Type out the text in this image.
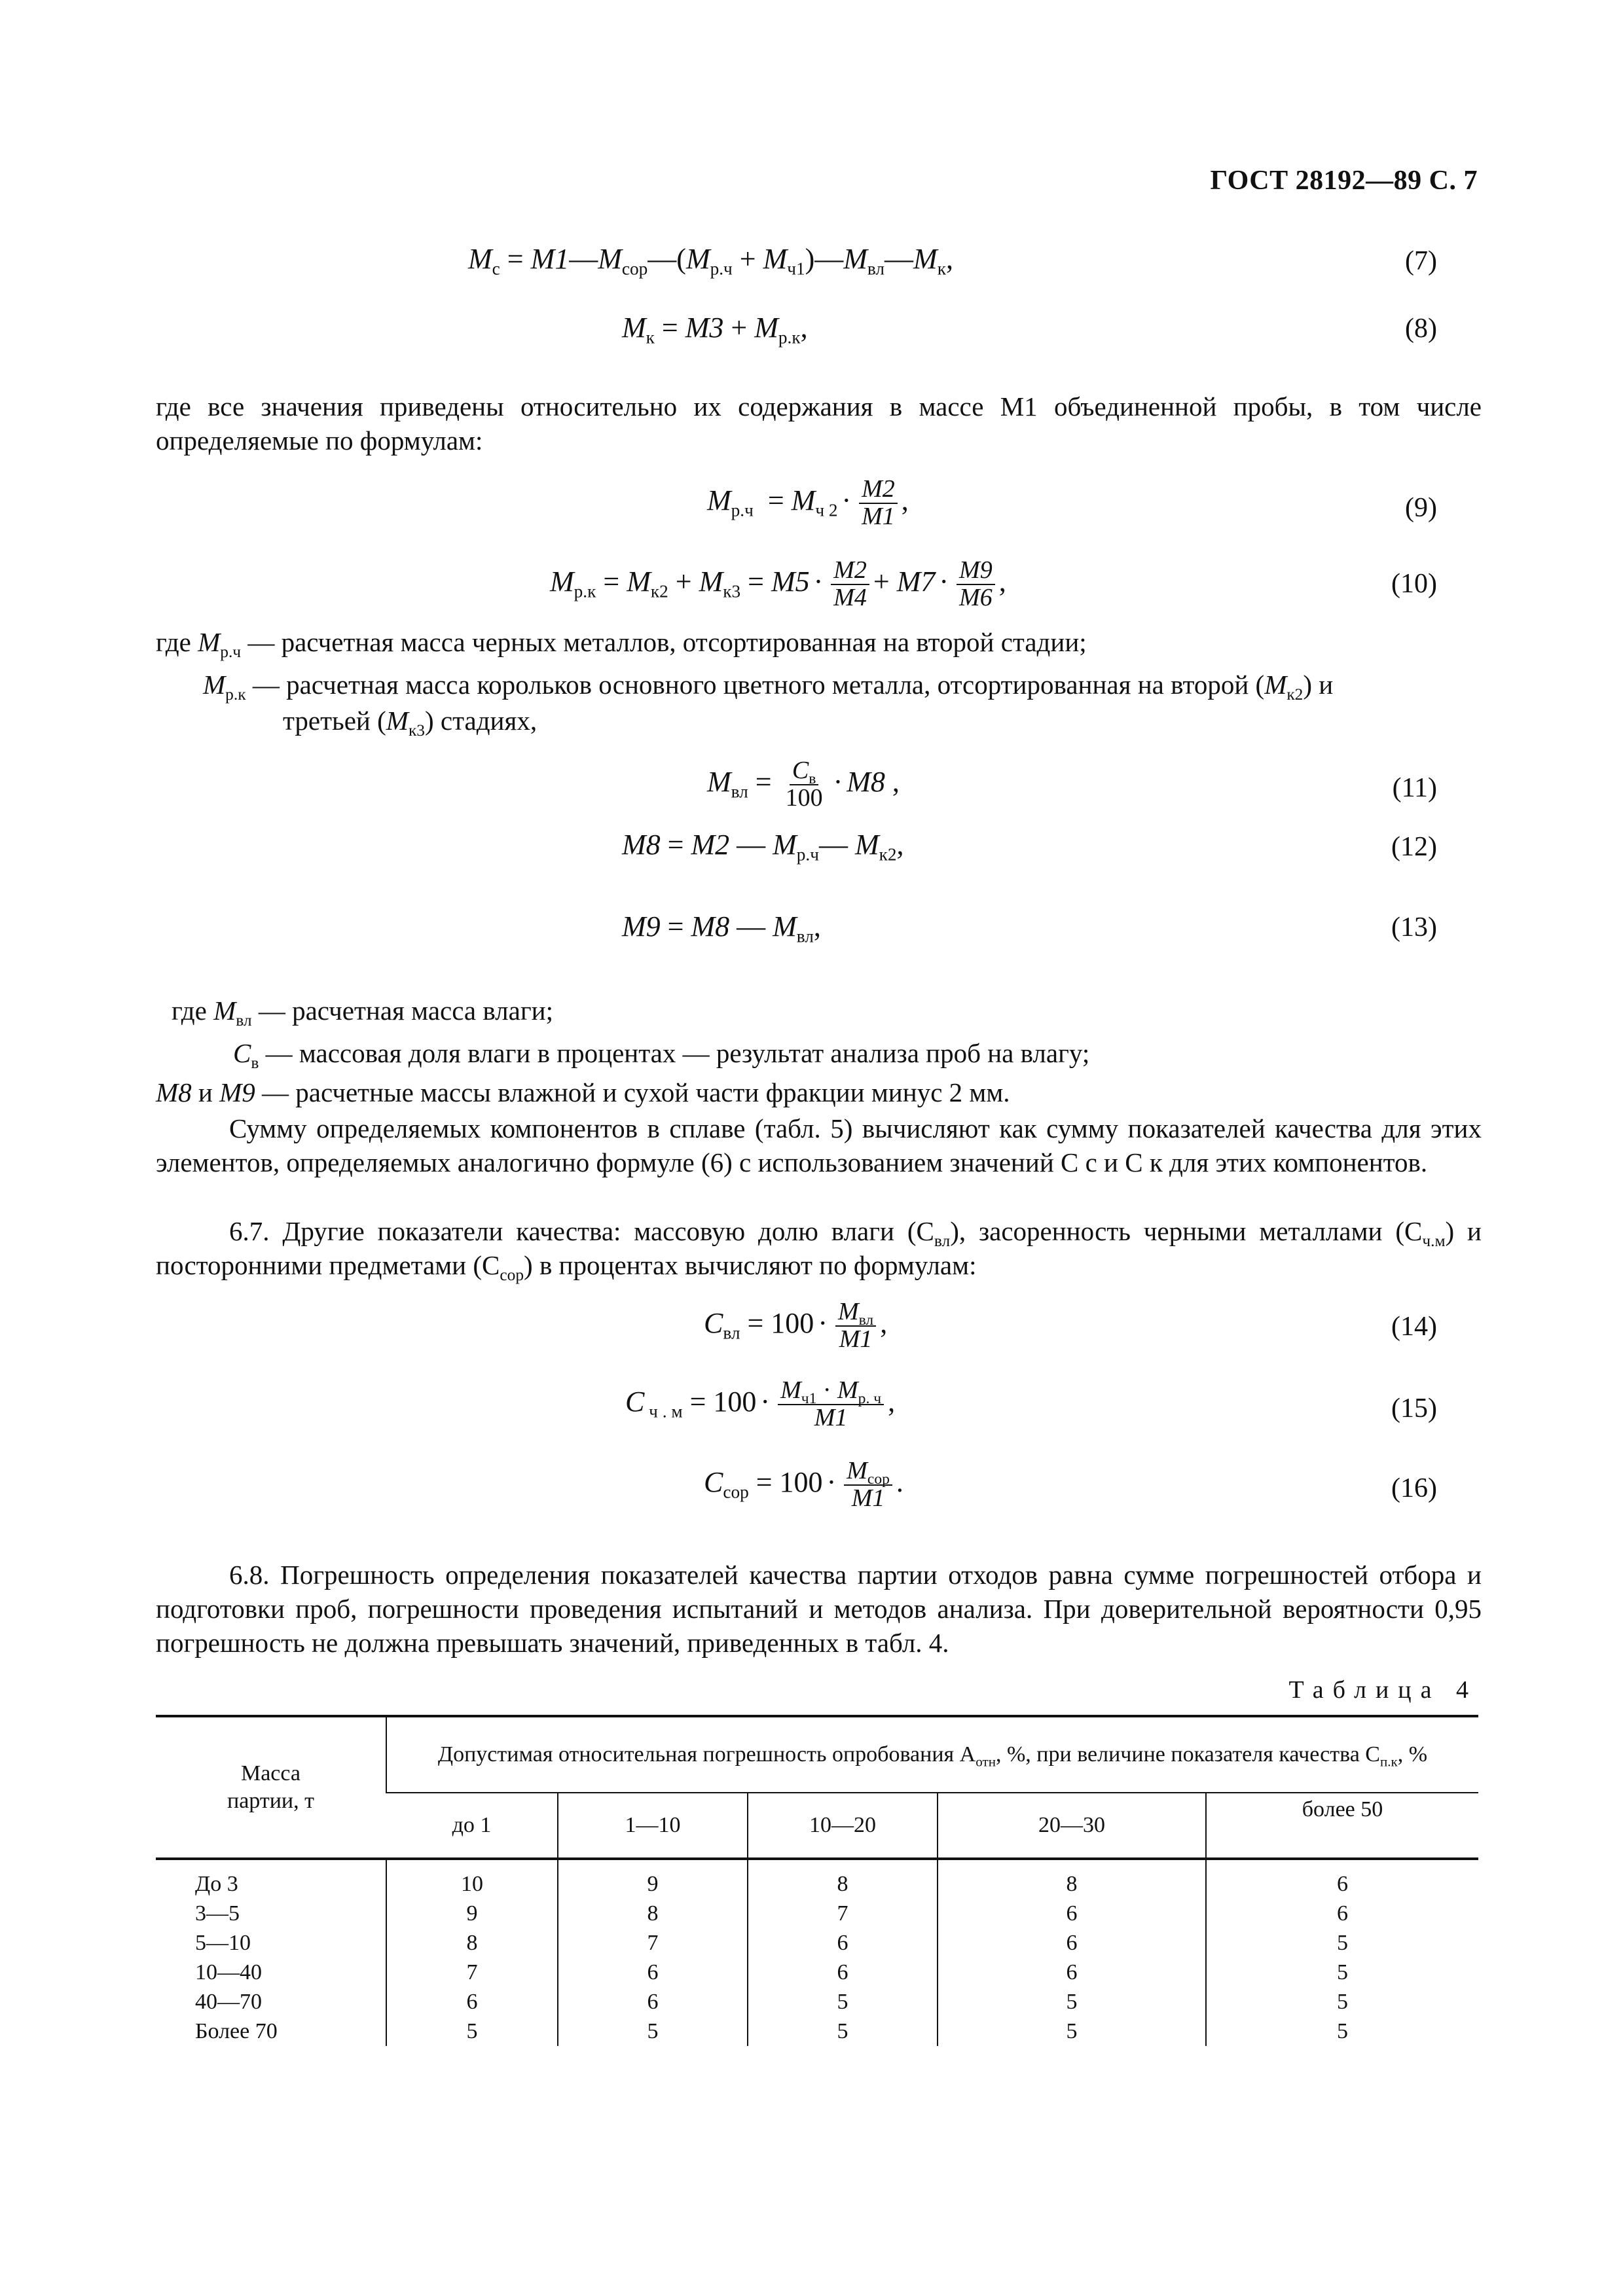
ГОСТ 28192—89 С. 7
$M_с$ = $M1—M_{сор}—(M_{р.ч}$ + $M_{ч1})—M_{вл}—M_к$,	(7)
$M_к = M3 + M_{р.к}$,	(8)
где все значения приведены относительно их содержания в массе M1 объединенной пробы, в том числе определяемые по формулам:
$M_{р.ч} = M_{ч 2} \cdot \frac{M2}{M1}$ ,	(9)
$M_{р.к} = M_{к2} + M_{к3} = M5 \cdot \frac{M2}{M4} + M7 \cdot \frac{M9}{M6}$ ,	(10)
где $M_{р.ч}$ — расчетная масса черных металлов, отсортированная на второй стадии;
$M_{р.к}$ — расчетная масса корольков основного цветного металла, отсортированная на второй $(M_{к2})$ и
третьей $(M_{к3})$ стадиях,
$M_{вл} = \frac{C_в}{100} \cdot M8$ ,	(11)
M8 = M2 — $M_{р.ч}—$ $M_{к2}$,	(12)
M9 = M8 — $M_{вл}$,	(13)
где $M_{вл}$ — расчетная масса влаги;
$C_в$ — массовая доля влаги в процентах — результат анализа проб на влагу;
M8 и M9 — расчетные массы влажной и сухой части фракции минус 2 мм.
Сумму определяемых компонентов в сплаве (табл. 5) вычисляют как сумму показателей качества для этих элементов, определяемых аналогично формуле (6) с использованием значений C с и C к для этих компонентов.
6.7. Другие показатели качества: массовую долю влаги $(C_{вл})$, засоренность черными металлами $(C_{ч.м})$ и посторонними предметами $(C_{сор})$ в процентах вычисляют по формулам:
$C_{вл} = 100 \cdot \frac{M_{вл}}{M1}$ ,	(14)
C $_{ч . м} = 100 \cdot \frac{M_{ч1} \cdot M_{р. ч}}{M1}$ ,	(15)
$C_{сор} = 100 \cdot \frac{M_{сор}}{M1}$ .	(16)
6.8. Погрешность определения показателей качества партии отходов равна сумме погрешностей отбора и подготовки проб, погрешности проведения испытаний и методов анализа. При доверительной вероятности 0,95 погрешность не должна превышать значений, приведенных в табл. 4.
Таблица 4
Масса партии, т	Допустимая относительная погрешность опробования $A_{отн}$, %, при величине показателя качества $C_{п.к}$, %				
	до 1	1—10	10—20	20—30	более 50
До 3	10	9	8	8	6
3—5	9	8	7	6	6
5—10	8	7	6	6	5
10—40	7	6	6	6	5
40—70	6	6	5	5	5
Более 70	5	5	5	5	5
